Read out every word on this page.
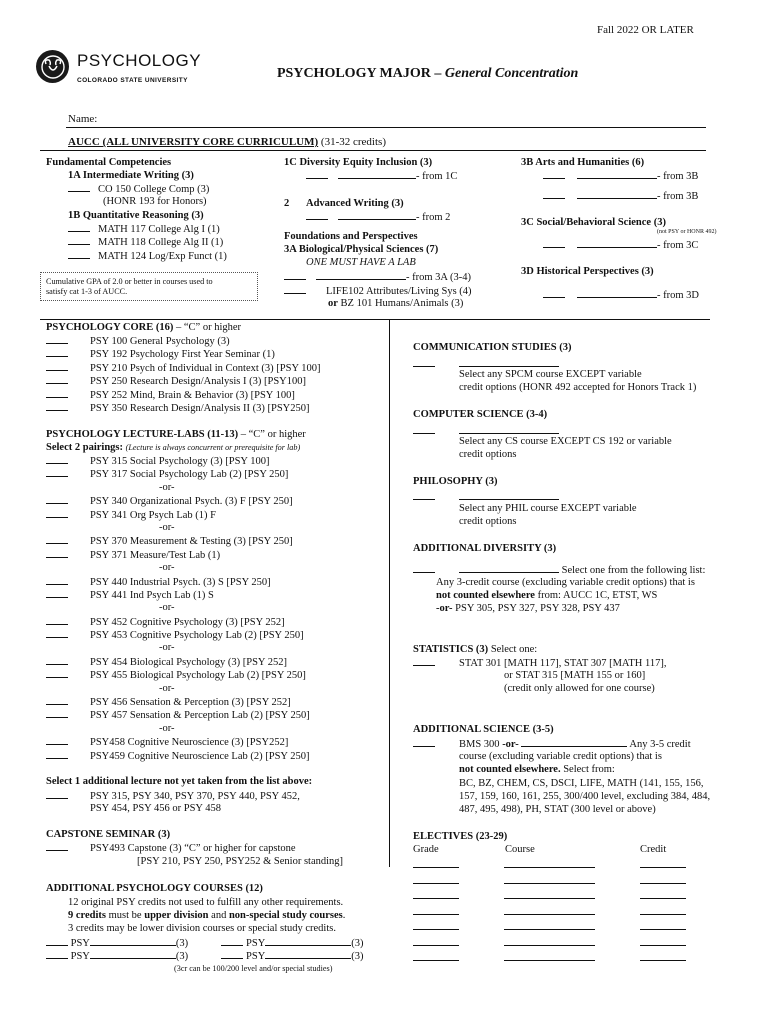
Fall 2022 OR LATER
PSYCHOLOGY
COLORADO STATE UNIVERSITY	PSYCHOLOGY MAJOR – General Concentration
Name:
AUCC (ALL UNIVERSITY CORE CURRICULUM) (31-32 credits)
Fundamental Competencies
1A Intermediate Writing (3)
CO 150 College Comp (3)
(HONR 193 for Honors)
1B Quantitative Reasoning (3)
MATH 117 College Alg I (1)
MATH 118 College Alg II (1)
MATH 124 Log/Exp Funct (1)
Cumulative GPA of 2.0 or better in courses used to
satisfy cat 1-3 of AUCC.
1C Diversity Equity Inclusion (3)
- from 1C
2 Advanced Writing (3)
- from 2
Foundations and Perspectives
3A Biological/Physical Sciences (7)
ONE MUST HAVE A LAB
- from 3A (3-4)
LIFE102 Attributes/Living Sys (4)
or BZ 101 Humans/Animals (3)
3B Arts and Humanities (6)
- from 3B
- from 3B
3C Social/Behavioral Science (3)
(not PSY or HONR 492)
- from 3C
3D Historical Perspectives (3)
- from 3D
PSYCHOLOGY CORE (16) – “C” or higher
PSY 100 General Psychology (3)
PSY 192 Psychology First Year Seminar (1)
PSY 210 Psych of Individual in Context (3) [PSY 100]
PSY 250 Research Design/Analysis I (3) [PSY100]
PSY 252 Mind, Brain & Behavior (3) [PSY 100]
PSY 350 Research Design/Analysis II (3) [PSY250]
PSYCHOLOGY LECTURE-LABS (11-13) – “C” or higher
Select 2 pairings: (Lecture is always concurrent or prerequisite for lab)
PSY 315 Social Psychology (3) [PSY 100]
PSY 317 Social Psychology Lab (2) [PSY 250]
-or-
PSY 340 Organizational Psych. (3) F [PSY 250]
PSY 341 Org Psych Lab (1) F
-or-
PSY 370 Measurement & Testing (3) [PSY 250]
PSY 371 Measure/Test Lab (1)
-or-
PSY 440 Industrial Psych. (3) S [PSY 250]
PSY 441 Ind Psych Lab (1) S
-or-
PSY 452 Cognitive Psychology (3) [PSY 252]
PSY 453 Cognitive Psychology Lab (2) [PSY 250]
-or-
PSY 454 Biological Psychology (3) [PSY 252]
PSY 455 Biological Psychology Lab (2) [PSY 250]
-or-
PSY 456 Sensation & Perception (3) [PSY 252]
PSY 457 Sensation & Perception Lab (2) [PSY 250]
-or-
PSY458 Cognitive Neuroscience (3) [PSY252]
PSY459 Cognitive Neuroscience Lab (2) [PSY 250]
Select 1 additional lecture not yet taken from the list above:
PSY 315, PSY 340, PSY 370, PSY 440, PSY 452,
PSY 454, PSY 456 or PSY 458
CAPSTONE SEMINAR (3)
PSY493 Capstone (3) “C” or higher for capstone
[PSY 210, PSY 250, PSY252 & Senior standing]
ADDITIONAL PSYCHOLOGY COURSES (12)
12 original PSY credits not used to fulfill any other requirements.
9 credits must be upper division and non-special study courses.
3 credits may be lower division courses or special study credits.
PSY	(3)	PSY	(3)
PSY	(3)	PSY	(3)
(3cr can be 100/200 level and/or special studies)
COMMUNICATION STUDIES (3)
Select any SPCM course EXCEPT variable
credit options (HONR 492 accepted for Honors Track 1)
COMPUTER SCIENCE (3-4)
Select any CS course EXCEPT CS 192 or variable
credit options
PHILOSOPHY (3)
Select any PHIL course EXCEPT variable
credit options
ADDITIONAL DIVERSITY (3)
Select one from the following list:
Any 3-credit course (excluding variable credit options) that is
not counted elsewhere from: AUCC 1C, ETST, WS
-or- PSY 305, PSY 327, PSY 328, PSY 437
STATISTICS (3) Select one:
STAT 301 [MATH 117], STAT 307 [MATH 117],
or STAT 315 [MATH 155 or 160]
(credit only allowed for one course)
ADDITIONAL SCIENCE (3-5)
BMS 300 -or-	Any 3-5 credit
course (excluding variable credit options) that is
not counted elsewhere. Select from:
BC, BZ, CHEM, CS, DSCI, LIFE, MATH (141, 155, 156,
157, 159, 160, 161, 255, 300/400 level, excluding 384, 484,
487, 495, 498), PH, STAT (300 level or above)
ELECTIVES (23-29)
Grade	Course	Credit
